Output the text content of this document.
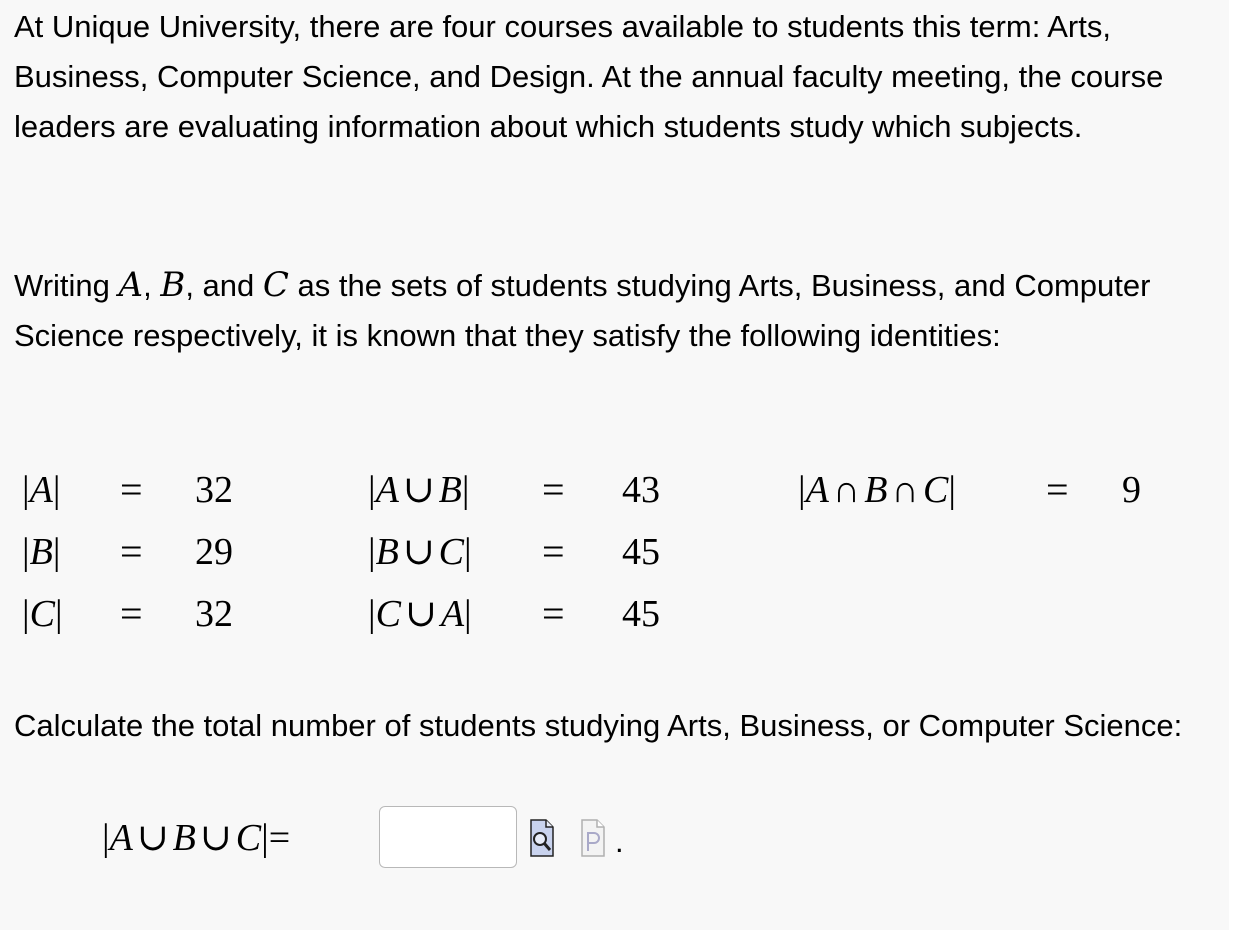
At Unique University, there are four courses available to students this term: Arts, Business, Computer Science, and Design. At the annual faculty meeting, the course leaders are evaluating information about which students study which subjects.

Writing A, B, and C as the sets of students studying Arts, Business, and Computer Science respectively, it is known that they satisfy the following identities:

|A| = 32
|B| = 29
|C| = 32
|A ∪ B| = 43
|B ∪ C| = 45
|C ∪ A| = 45
|A ∩ B ∩ C| = 9

Calculate the total number of students studying Arts, Business, or Computer Science:

|A ∪ B ∪ C|=	.
